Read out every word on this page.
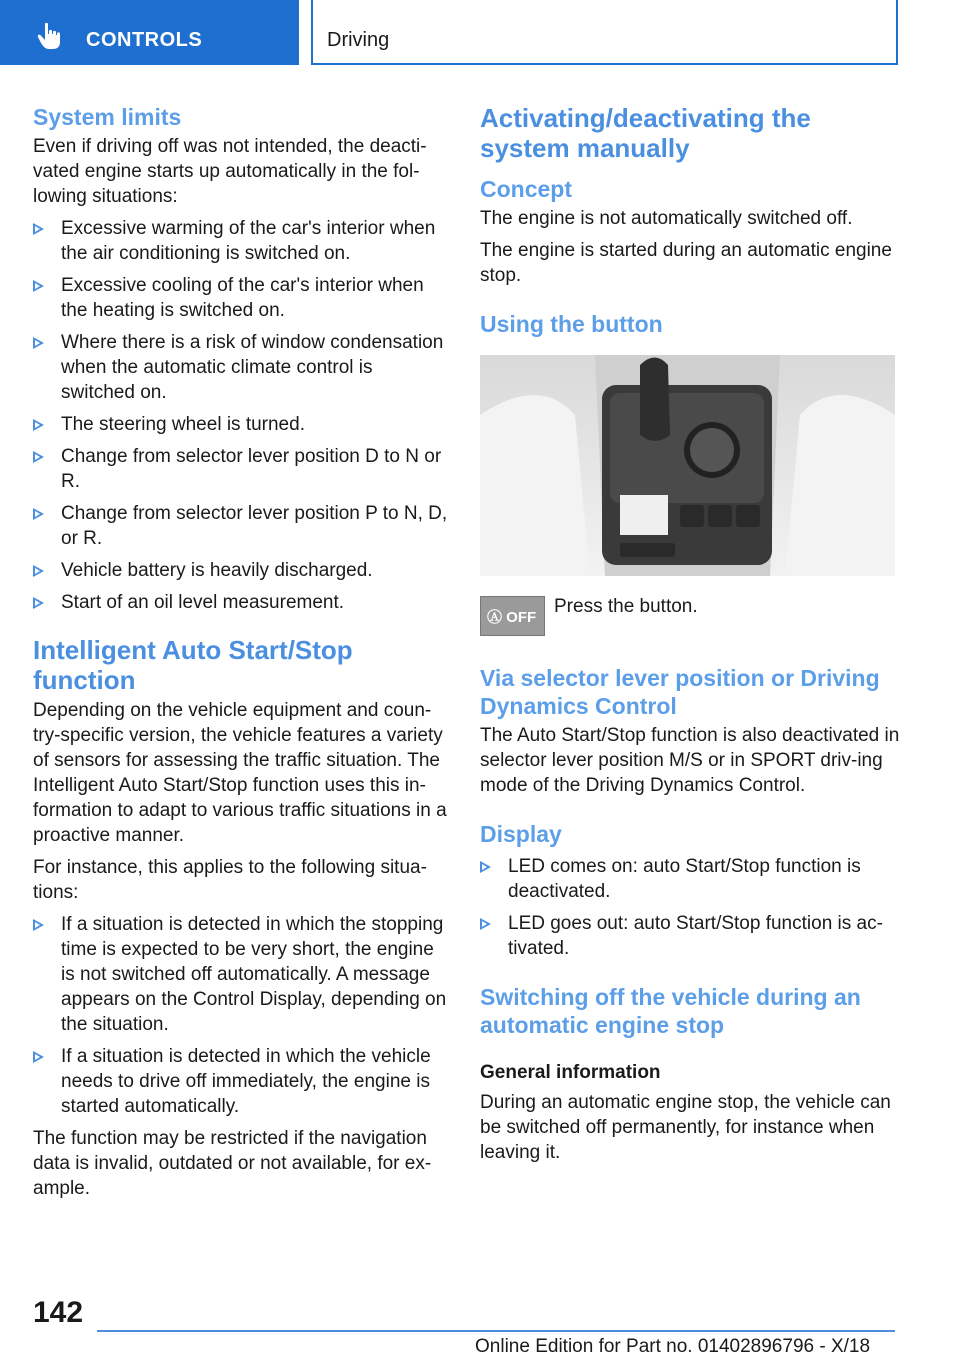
CONTROLS	Driving
System limits

Even if driving off was not intended, the deacti-vated engine starts up automatically in the fol-lowing situations:

Excessive warming of the car's interior when the air conditioning is switched on.
Excessive cooling of the car's interior when the heating is switched on.
Where there is a risk of window condensation when the automatic climate control is switched on.
The steering wheel is turned.
Change from selector lever position D to N or R.
Change from selector lever position P to N, D, or R.
Vehicle battery is heavily discharged.
Start of an oil level measurement.
Intelligent Auto Start/Stop function

Depending on the vehicle equipment and coun-try-specific version, the vehicle features a variety of sensors for assessing the traffic situation. The Intelligent Auto Start/Stop function uses this in-formation to adapt to various traffic situations in a proactive manner.

For instance, this applies to the following situa-tions:

If a situation is detected in which the stopping time is expected to be very short, the engine is not switched off automatically. A message appears on the Control Display, depending on the situation.
If a situation is detected in which the vehicle needs to drive off immediately, the engine is started automatically.

The function may be restricted if the navigation data is invalid, outdated or not available, for ex-ample.

Activating/deactivating the system manually
Concept

The engine is not automatically switched off.

The engine is started during an automatic engine stop.

Using the button
Ⓐ OFF
Press the button.
Via selector lever position or Driving Dynamics Control

The Auto Start/Stop function is also deactivated in selector lever position M/S or in SPORT driv-ing mode of the Driving Dynamics Control.

Display
LED comes on: auto Start/Stop function is deactivated.
LED goes out: auto Start/Stop function is ac-tivated.
Switching off the vehicle during an automatic engine stop
General information

During an automatic engine stop, the vehicle can be switched off permanently, for instance when leaving it.

142
Online Edition for Part no. 01402896796 - X/18
